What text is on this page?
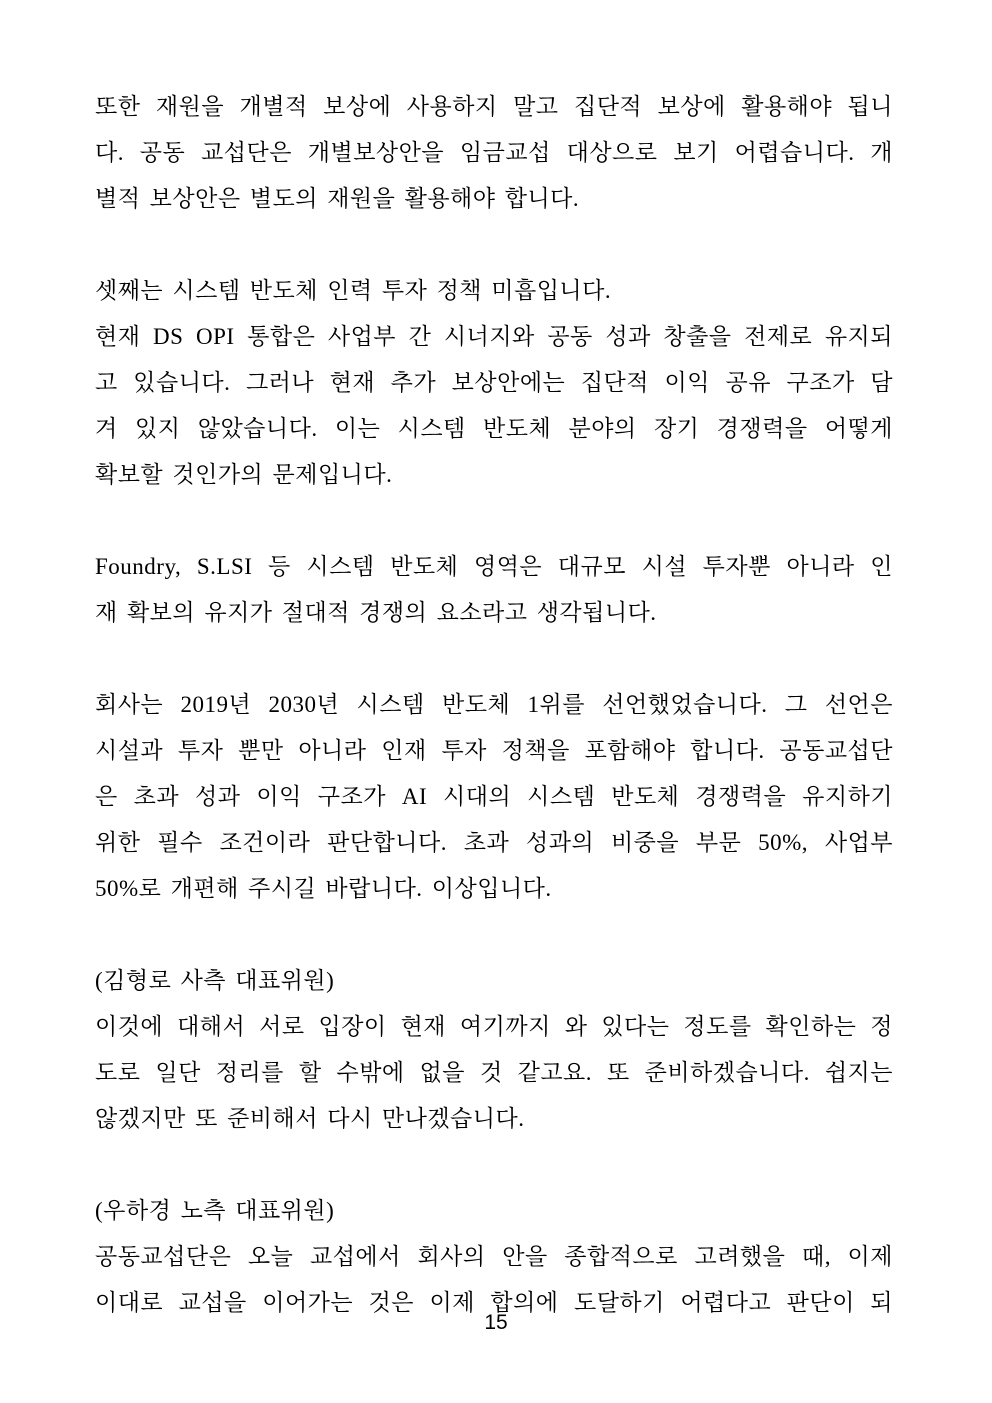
또한 재원을 개별적 보상에 사용하지 말고 집단적 보상에 활용해야 됩니
다. 공동 교섭단은 개별보상안을 임금교섭 대상으로 보기 어렵습니다. 개
별적 보상안은 별도의 재원을 활용해야 합니다.

셋째는 시스템 반도체 인력 투자 정책 미흡입니다.
현재 DS OPI 통합은 사업부 간 시너지와 공동 성과 창출을 전제로 유지되
고 있습니다. 그러나 현재 추가 보상안에는 집단적 이익 공유 구조가 담
겨 있지 않았습니다. 이는 시스템 반도체 분야의 장기 경쟁력을 어떻게
확보할 것인가의 문제입니다.

Foundry, S.LSI 등 시스템 반도체 영역은 대규모 시설 투자뿐 아니라 인
재 확보의 유지가 절대적 경쟁의 요소라고 생각됩니다.

회사는 2019년 2030년 시스템 반도체 1위를 선언했었습니다. 그 선언은
시설과 투자 뿐만 아니라 인재 투자 정책을 포함해야 합니다. 공동교섭단
은 초과 성과 이익 구조가 AI 시대의 시스템 반도체 경쟁력을 유지하기
위한 필수 조건이라 판단합니다. 초과 성과의 비중을 부문 50%, 사업부
50%로 개편해 주시길 바랍니다. 이상입니다.

(김형로 사측 대표위원)
이것에 대해서 서로 입장이 현재 여기까지 와 있다는 정도를 확인하는 정
도로 일단 정리를 할 수밖에 없을 것 같고요. 또 준비하겠습니다. 쉽지는
않겠지만 또 준비해서 다시 만나겠습니다.

(우하경 노측 대표위원)
공동교섭단은 오늘 교섭에서 회사의 안을 종합적으로 고려했을 때, 이제
이대로 교섭을 이어가는 것은 이제 합의에 도달하기 어렵다고 판단이 되

15
